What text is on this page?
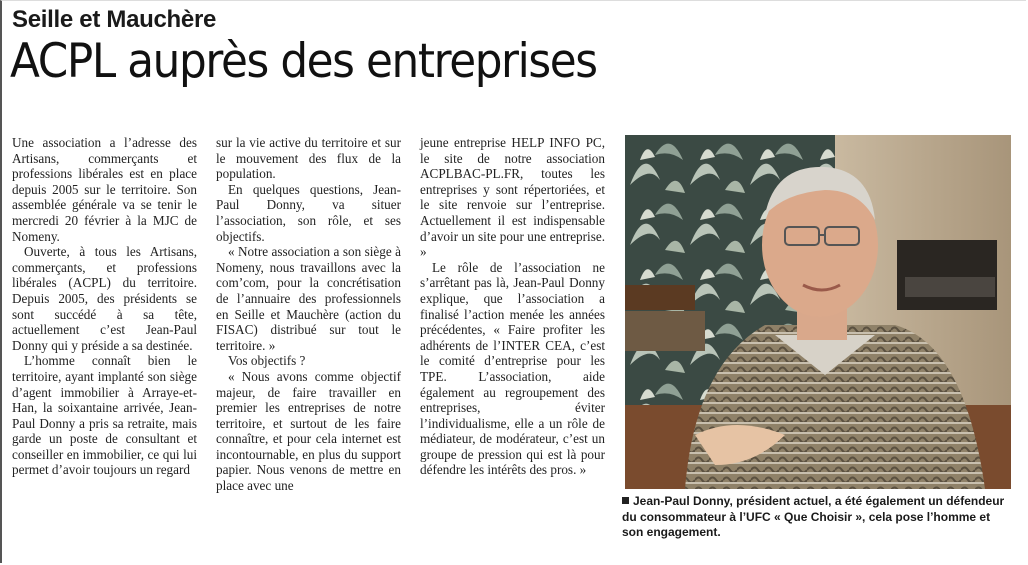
Seille et Mauchère
ACPL auprès des entreprises

Une association a l’adresse des Artisans, commerçants et professions libérales est en place depuis 2005 sur le territoire. Son assemblée générale va se tenir le mercredi 20 février à la MJC de Nomeny.

Ouverte, à tous les Artisans, commerçants, et professions libérales (ACPL) du territoire. Depuis 2005, des présidents se sont succédé à sa tête, actuellement c’est Jean-Paul Donny qui y préside a sa destinée.

L’homme connaît bien le territoire, ayant implanté son siège d’agent immobilier à Arraye-et-Han, la soixantaine arrivée, Jean-Paul Donny a pris sa retraite, mais garde un poste de consultant et conseiller en immobilier, ce qui lui permet d’avoir toujours un regard

sur la vie active du territoire et sur le mouvement des flux de la population.

En quelques questions, Jean-Paul Donny, va situer l’association, son rôle, et ses objectifs.

« Notre association a son siège à Nomeny, nous travaillons avec la com’com, pour la concrétisation de l’annuaire des professionnels en Seille et Mauchère (action du FISAC) distribué sur tout le territoire. »

Vos objectifs ?

« Nous avons comme objectif majeur, de faire travailler en premier les entreprises de notre territoire, et surtout de les faire connaître, et pour cela internet est incontournable, en plus du support papier. Nous venons de mettre en place avec une

jeune entreprise HELP INFO PC, le site de notre association ACPLBAC-PL.FR, toutes les entreprises y sont répertoriées, et le site renvoie sur l’entreprise. Actuellement il est indispensable d’avoir un site pour une entreprise. »

Le rôle de l’association ne s’arrêtant pas là, Jean-Paul Donny explique, que l’association a finalisé l’action menée les années précédentes, « Faire profiter les adhérents de l’INTER CEA, c’est le comité d’entreprise pour les TPE. L’association, aide également au regroupement des entreprises, éviter l’individualisme, elle a un rôle de médiateur, de modérateur, c’est un groupe de pression qui est là pour défendre les intérêts des pros. »

Jean-Paul Donny, président actuel, a été également un défendeur du consommateur à l’UFC « Que Choisir », cela pose l’homme et son engagement.
